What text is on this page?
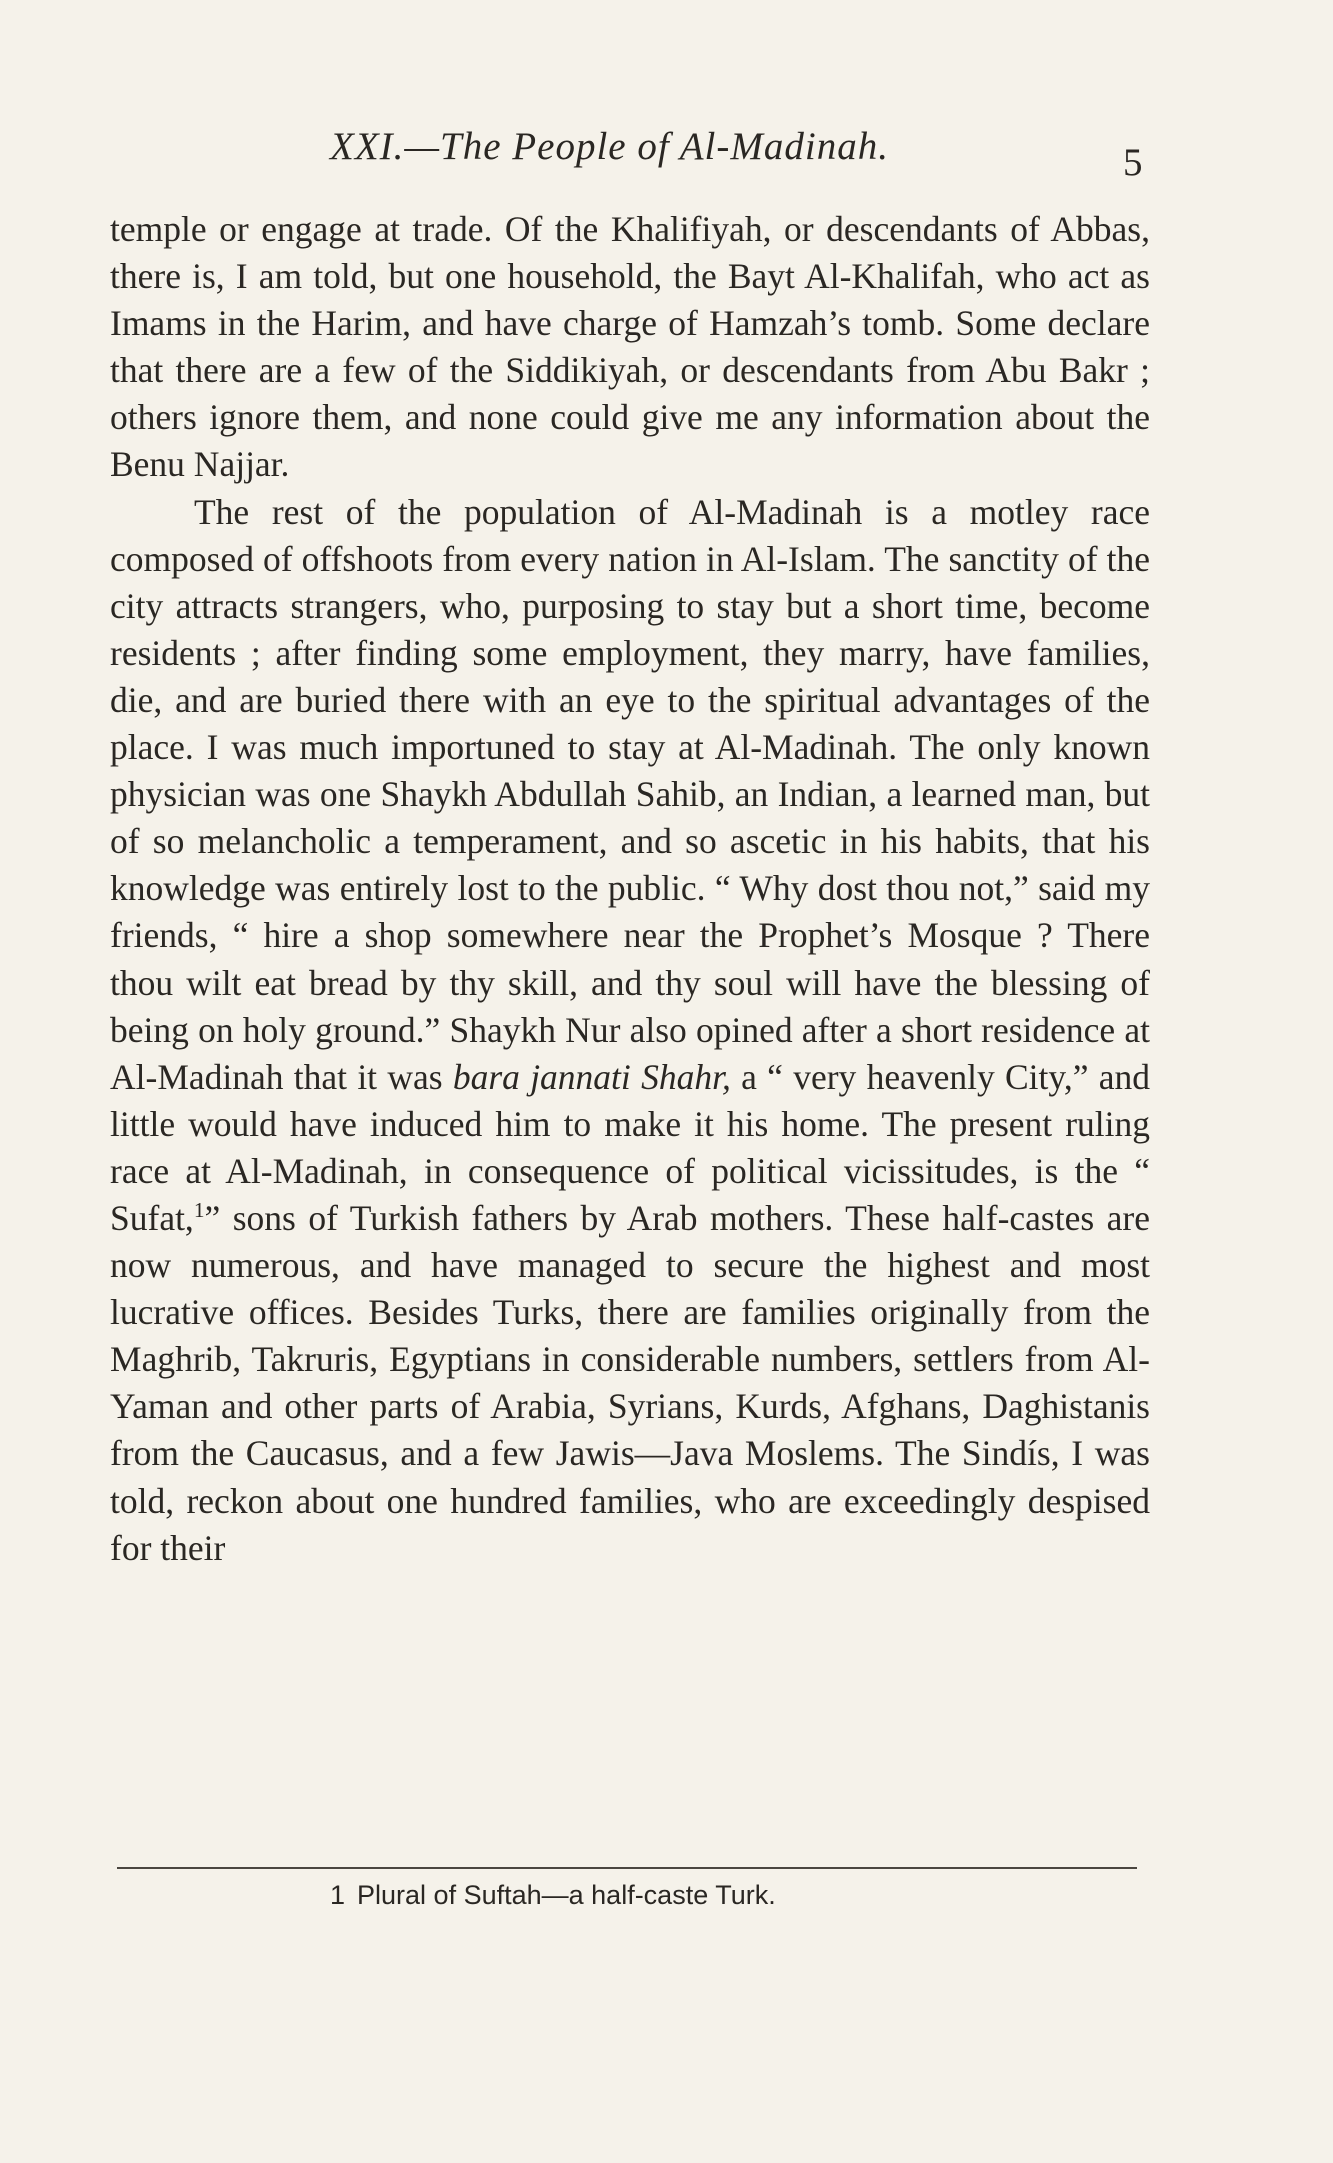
XXI.—The People of Al-Madinah.	5

temple or engage at trade. Of the Khalifiyah, or descendants of Abbas, there is, I am told, but one household, the Bayt Al-Khalifah, who act as Imams in the Harim, and have charge of Hamzah’s tomb. Some declare that there are a few of the Siddikiyah, or descendants from Abu Bakr ; others ignore them, and none could give me any information about the Benu Najjar.

The rest of the population of Al-Madinah is a motley race composed of offshoots from every nation in Al-Islam. The sanctity of the city attracts strangers, who, purposing to stay but a short time, become residents ; after finding some employment, they marry, have families, die, and are buried there with an eye to the spiritual advantages of the place. I was much importuned to stay at Al-Madinah. The only known physician was one Shaykh Abdullah Sahib, an Indian, a learned man, but of so melancholic a temperament, and so ascetic in his habits, that his knowledge was entirely lost to the public. “ Why dost thou not,” said my friends, “ hire a shop somewhere near the Prophet’s Mosque ? There thou wilt eat bread by thy skill, and thy soul will have the blessing of being on holy ground.” Shaykh Nur also opined after a short residence at Al-Madinah that it was bara jannati Shahr, a “ very heavenly City,” and little would have induced him to make it his home. The present ruling race at Al-Madinah, in consequence of political vicissitudes, is the “ Sufat,$^1$” sons of Turkish fathers by Arab mothers. These half-castes are now numerous, and have managed to secure the highest and most lucrative offices. Besides Turks, there are families originally from the Maghrib, Takruris, Egyptians in considerable numbers, settlers from Al-Yaman and other parts of Arabia, Syrians, Kurds, Afghans, Daghistanis from the Caucasus, and a few Jawis—Java Moslems. The Sindís, I was told, reckon about one hundred families, who are exceedingly despised for their

1 Plural of Suftah—a half-caste Turk.
